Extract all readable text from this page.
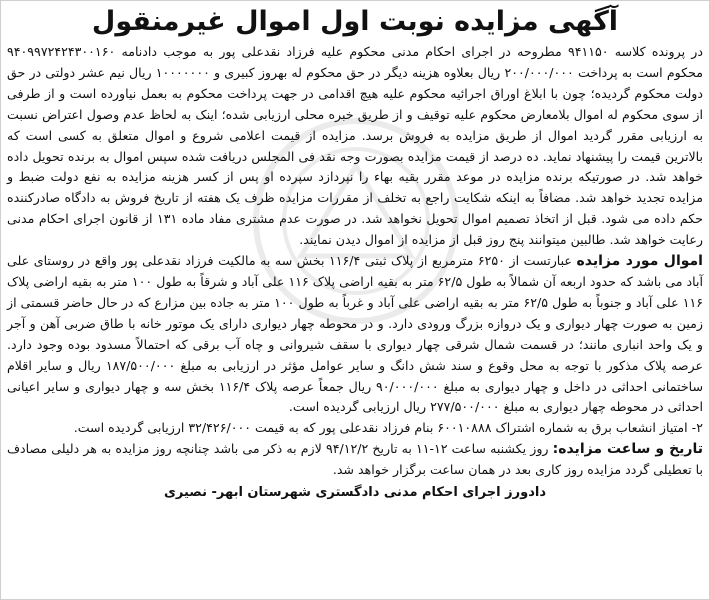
آگهی مزایده نوبت اول اموال غیرمنقول

در پرونده کلاسه ۹۴۱۱۵۰ مطروحه در اجرای احکام مدنی محکوم علیه فرزاد نقدعلی پور به موجب دادنامه ۹۴۰۹۹۷۲۴۲۴۳۰۰۱۶۰ محکوم است به پرداخت ۲۰۰/۰۰۰/۰۰۰ ریال بعلاوه هزینه دیگر در حق محکوم له بهروز کبیری و ۱۰۰۰۰۰۰۰ ریال نیم عشر دولتی در حق دولت محکوم گردیده؛ چون با ابلاغ اوراق اجرائیه محکوم علیه هیچ اقدامی در جهت پرداخت محکوم به بعمل نیاورده است و از طرفی از سوی محکوم له اموال بلامعارض محکوم علیه توقیف و از طریق خبره محلی ارزیابی شده؛ اینک به لحاظ عدم وصول اعتراض نسبت به ارزیابی مقرر گردید اموال از طریق مزایده به فروش برسد. مزایده از قیمت اعلامی شروع و اموال متعلق به کسی است که بالاترین قیمت را پیشنهاد نماید. ده درصد از قیمت مزایده بصورت وجه نقد فی المجلس دریافت شده سپس اموال به برنده تحویل داده خواهد شد. در صورتیکه برنده مزایده در موعد مقرر بقیه بهاء را نپردازد سپرده او پس از کسر هزینه مزایده به نفع دولت ضبط و مزایده تجدید خواهد شد. مضافاً به اینکه شکایت راجع به تخلف از مقررات مزایده ظرف یک هفته از تاریخ فروش به دادگاه صادرکننده حکم داده می شود. قبل از اتخاذ تصمیم اموال تحویل نخواهد شد. در صورت عدم مشتری مفاد ماده ۱۳۱ از قانون اجرای احکام مدنی رعایت خواهد شد. طالبین میتوانند پنج روز قبل از مزایده از اموال دیدن نمایند.

اموال مورد مزایده عبارتست از ۶۲۵۰ مترمربع از پلاک ثبتی ۱۱۶/۴ بخش سه به مالکیت فرزاد نقدعلی پور واقع در روستای علی آباد می باشد که حدود اربعه آن شمالاً به طول ۶۲/۵ متر به بقیه اراضی پلاک ۱۱۶ علی آباد و شرقاً به طول ۱۰۰ متر به بقیه اراضی پلاک ۱۱۶ علی آباد و جنوباً به طول ۶۲/۵ متر به بقیه اراضی علی آباد و غرباً به طول ۱۰۰ متر به جاده بین مزارع که در حال حاضر قسمتی از زمین به صورت چهار دیواری و یک دروازه بزرگ ورودی دارد. و در محوطه چهار دیواری دارای یک موتور خانه با طاق ضربی آهن و آجر و یک واحد انباری مانند؛ در قسمت شمال شرقی چهار دیواری با سقف شیروانی و چاه آب برقی که احتمالاً مسدود بوده وجود دارد. عرصه پلاک مذکور با توجه به محل وقوع و سند شش دانگ و سایر عوامل مؤثر در ارزیابی به مبلغ ۱۸۷/۵۰۰/۰۰۰ ریال و سایر اقلام ساختمانی احداثی در داخل و چهار دیواری به مبلغ ۹۰/۰۰۰/۰۰۰ ریال جمعاً عرصه پلاک ۱۱۶/۴ بخش سه و چهار دیواری و سایر اعیانی احداثی در محوطه چهار دیواری به مبلغ ۲۷۷/۵۰۰/۰۰۰ ریال ارزیابی گردیده است.

۲- امتیاز انشعاب برق به شماره اشتراک ۶۰۰۱۰۸۸۸ بنام فرزاد نقدعلی پور که به قیمت ۳۲/۴۲۶/۰۰۰ ارزیابی گردیده است.

تاریخ و ساعت مزایده: روز یکشنبه ساعت ۱۲-۱۱ به تاریخ ۹۴/۱۲/۲ لازم به ذکر می باشد چنانچه روز مزایده به هر دلیلی مصادف با تعطیلی گردد مزایده روز کاری بعد در همان ساعت برگزار خواهد شد.

دادورز اجرای احکام مدنی دادگستری شهرستان ابهر- نصیری
